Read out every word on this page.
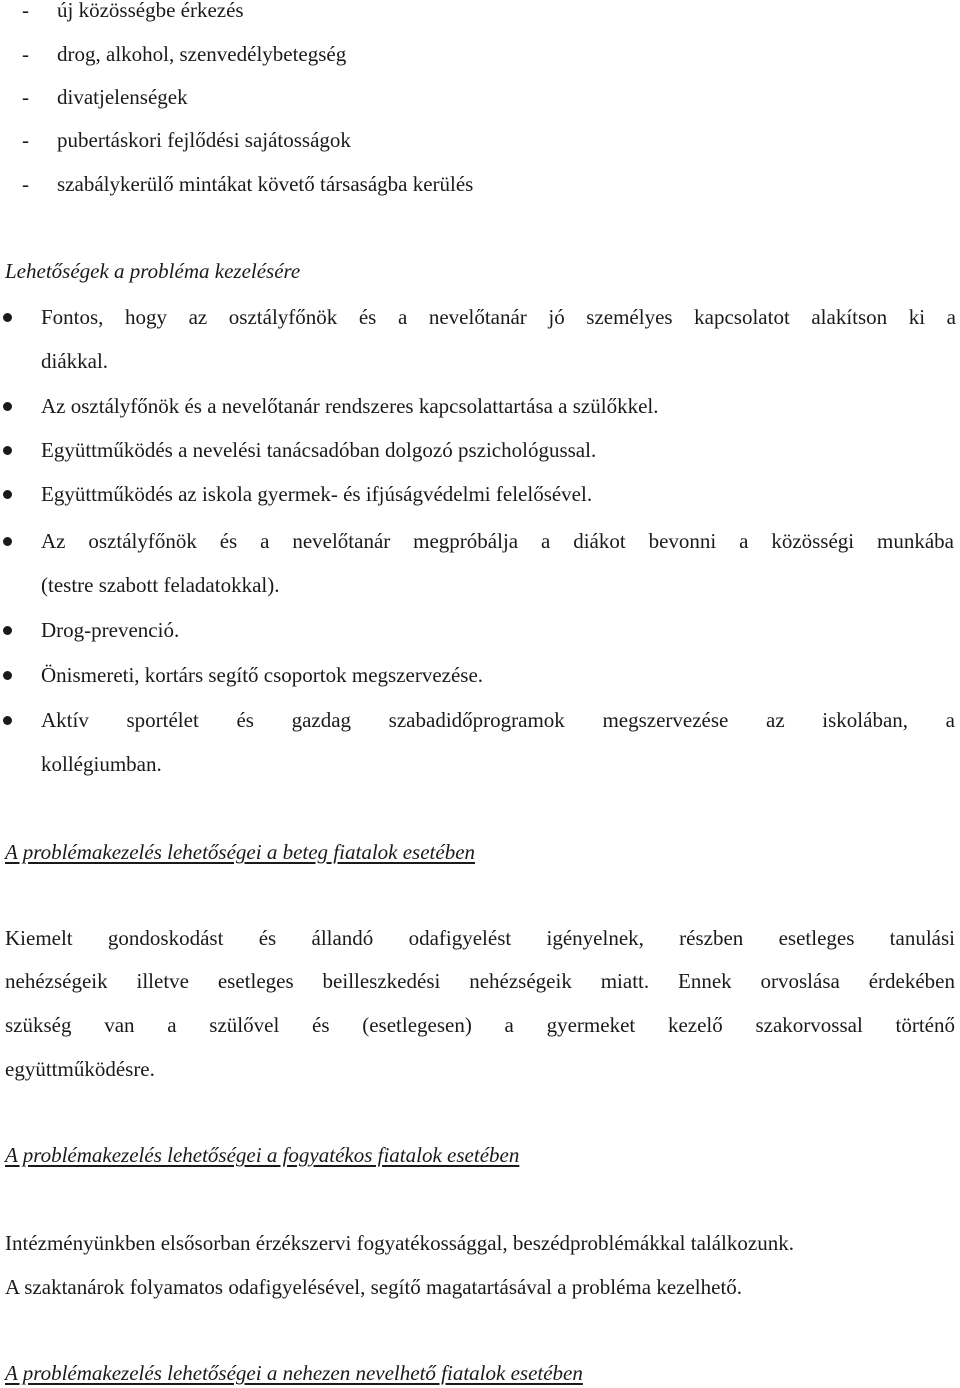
- új közösségbe érkezés
- drog, alkohol, szenvedélybetegség
- divatjelenségek
- pubertáskori fejlődési sajátosságok
- szabálykerülő mintákat követő társaságba kerülés
Lehetőségek a probléma kezelésére
Fontos, hogy az osztályfőnök és a nevelőtanár jó személyes kapcsolatot alakítson ki a
diákkal.
Az osztályfőnök és a nevelőtanár rendszeres kapcsolattartása a szülőkkel.
Együttműködés a nevelési tanácsadóban dolgozó pszichológussal.
Együttműködés az iskola gyermek- és ifjúságvédelmi felelősével.
Az osztályfőnök és a nevelőtanár megpróbálja a diákot bevonni a közösségi munkába
(testre szabott feladatokkal).
Drog-prevenció.
Önismereti, kortárs segítő csoportok megszervezése.
Aktív sportélet és gazdag szabadidőprogramok megszervezése az iskolában, a
kollégiumban.
A problémakezelés lehetőségei a beteg fiatalok esetében
Kiemelt gondoskodást és állandó odafigyelést igényelnek, részben esetleges tanulási
nehézségeik illetve esetleges beilleszkedési nehézségeik miatt. Ennek orvoslása érdekében
szükség van a szülővel és (esetlegesen) a gyermeket kezelő szakorvossal történő
együttműködésre.
A problémakezelés lehetőségei a fogyatékos fiatalok esetében
Intézményünkben elsősorban érzékszervi fogyatékossággal, beszédproblémákkal találkozunk.
A szaktanárok folyamatos odafigyelésével, segítő magatartásával a probléma kezelhető.
A problémakezelés lehetőségei a nehezen nevelhető fiatalok esetében
